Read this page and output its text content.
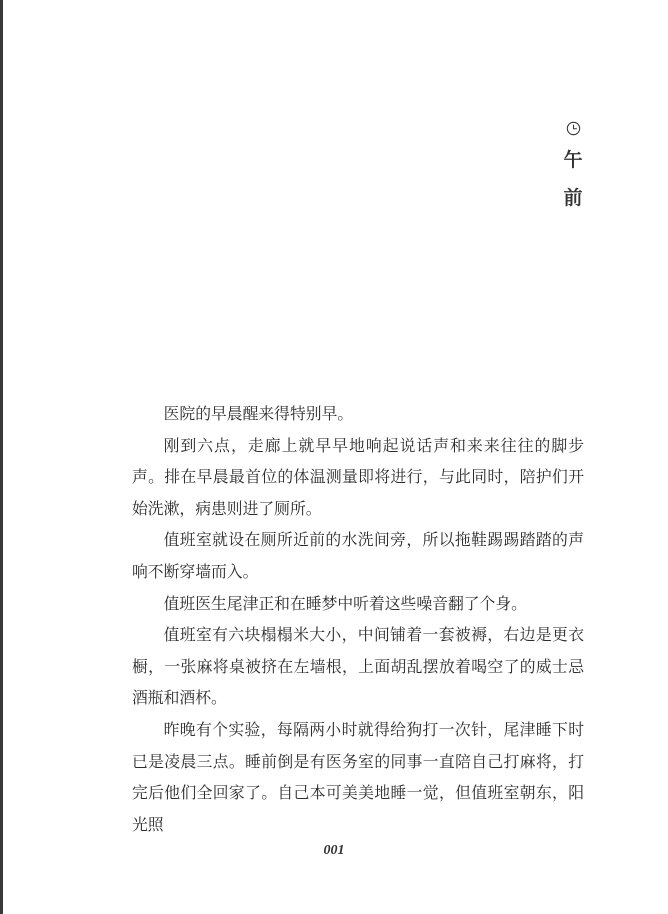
午
前

医院的早晨醒来得特别早。

刚到六点，走廊上就早早地响起说话声和来来往往的脚步声。排在早晨最首位的体温测量即将进行，与此同时，陪护们开始洗漱，病患则进了厕所。

值班室就设在厕所近前的水洗间旁，所以拖鞋踢踢踏踏的声响不断穿墙而入。

值班医生尾津正和在睡梦中听着这些噪音翻了个身。

值班室有六块榻榻米大小，中间铺着一套被褥，右边是更衣橱，一张麻将桌被挤在左墙根，上面胡乱摆放着喝空了的威士忌酒瓶和酒杯。

昨晚有个实验，每隔两小时就得给狗打一次针，尾津睡下时已是凌晨三点。睡前倒是有医务室的同事一直陪自己打麻将，打完后他们全回家了。自己本可美美地睡一觉，但值班室朝东，阳光照

001
